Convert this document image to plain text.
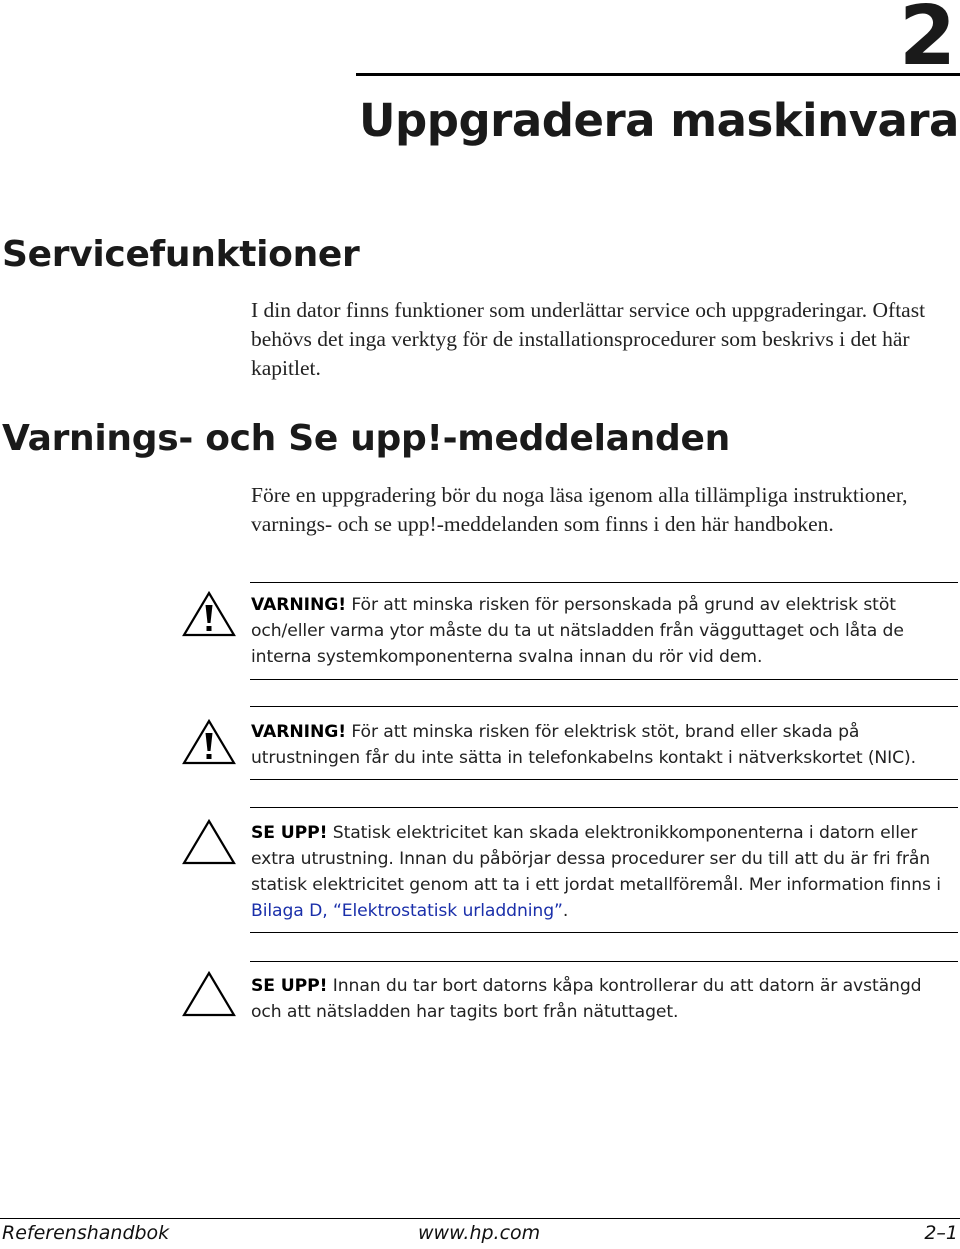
2
Uppgradera maskinvara
Servicefunktioner
I din dator finns funktioner som underlättar service och uppgraderingar. Oftast behövs det inga verktyg för de installationsprocedurer som beskrivs i det här kapitlet.
Varnings- och Se upp!-meddelanden
Före en uppgradering bör du noga läsa igenom alla tillämpliga instruktioner, varnings- och se upp!-meddelanden som finns i den här handboken.
VARNING! För att minska risken för personskada på grund av elektrisk stöt och/eller varma ytor måste du ta ut nätsladden från vägguttaget och låta de interna systemkomponenterna svalna innan du rör vid dem.
VARNING! För att minska risken för elektrisk stöt, brand eller skada på utrustningen får du inte sätta in telefonkabelns kontakt i nätverkskortet (NIC).
SE UPP! Statisk elektricitet kan skada elektronikkomponenterna i datorn eller extra utrustning. Innan du påbörjar dessa procedurer ser du till att du är fri från statisk elektricitet genom att ta i ett jordat metallföremål. Mer information finns i Bilaga D, “Elektrostatisk urladdning”.
SE UPP! Innan du tar bort datorns kåpa kontrollerar du att datorn är avstängd och att nätsladden har tagits bort från nätuttaget.
Referenshandbok	www.hp.com	2–1
